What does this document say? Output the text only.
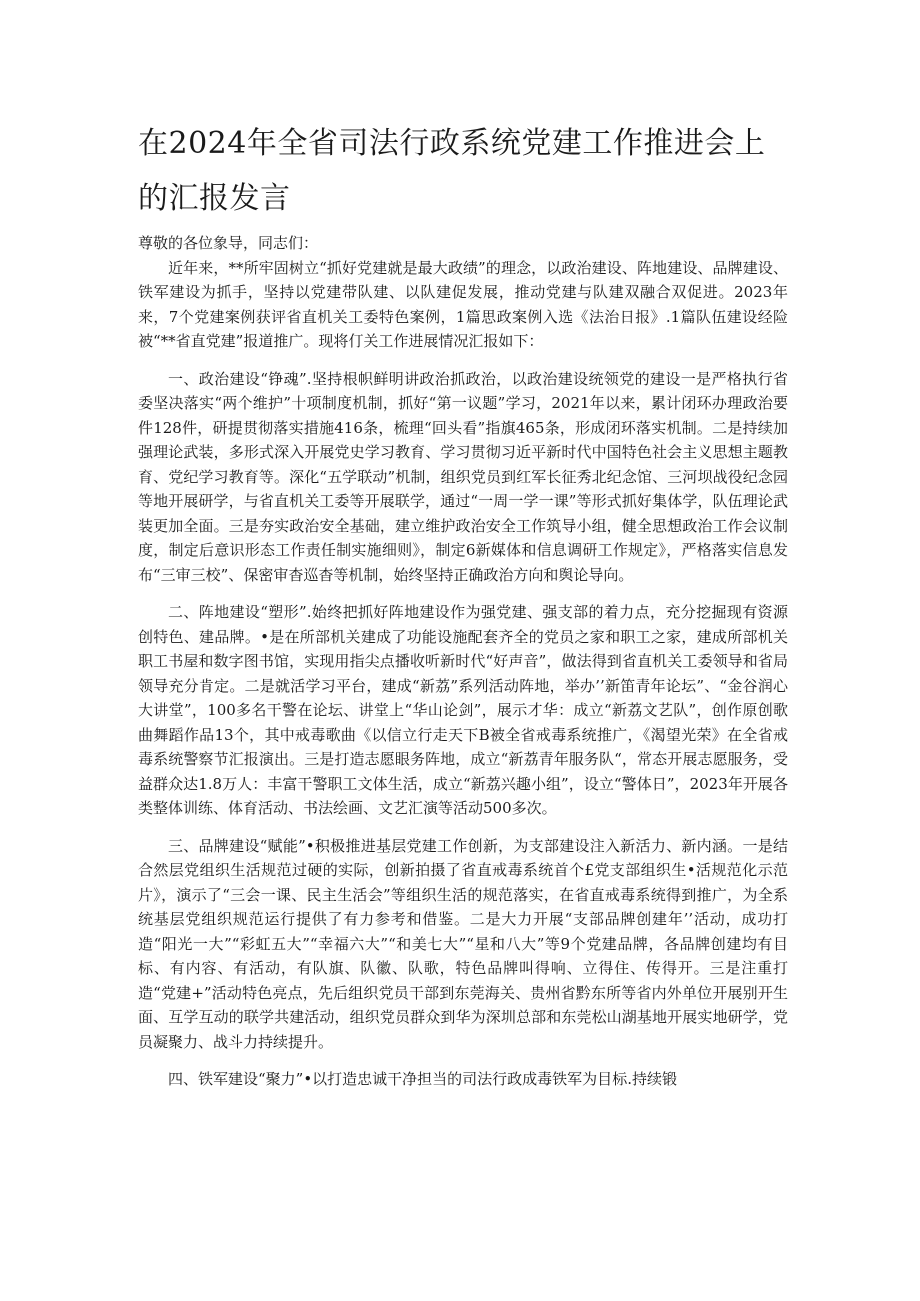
在2024年全省司法行政系统党建工作推进会上的汇报发言

尊敬的各位象导，同志们：

近年来，**所牢固树立“抓好党建就是最大政绩”的理念，以政治建设、阵地建设、品牌建设、铁军建设为抓手，坚持以党建带队建、以队建促发展，推动党建与队建双融合双促进。2023年来，7个党建案例获评省直机关工委特色案例，1篇思政案例入选《法治日报》.1篇队伍建设经险被“**省直党建”报道推广。现将仃关工作进展情况汇报如下：

一、政治建设“铮魂”.坚持根帜鲜明讲政治抓政治，以政治建设统领党的建设一是严格执行省委坚决落实“两个维护”十项制度机制，抓好“第一议题”学习，2021年以来，累计闭环办理政治要件128件，研提贯彻落实措施416条，梳理“回头看”指旗465条，形成闭环落实机制。二是持续加强理论武装，多形式深入开展党史学习教育、学习贯彻习近平新时代中国特色社会主义思想主题教育、党纪学习教育等。深化“五学联动”机制，组织党员到红军长征秀北纪念馆、三河坝战役纪念园等地开展研学，与省直机关工委等开展联学，通过“一周一学一课”等形式抓好集体学，队伍理论武装更加全面。三是夯实政治安全基础，建立维护政治安全工作筑导小组，健全思想政治工作会议制度，制定后意识形态工作责任制实施细则》，制定6新媒体和信息调研工作规定》，严格落实信息发布“三审三校”、保密审杳巡杳等机制，始终坚持正确政治方向和舆论导向。

二、阵地建设“塑形”.始终把抓好阵地建设作为强党建、强支部的着力点，充分挖掘现有资源创特色、建品牌。•是在所部机关建成了功能设施配套齐全的党员之家和职工之家，建成所部机关职工书屋和数字图书馆，实现用指尖点播收听新时代“好声音”，做法得到省直机关工委领导和省局领导充分肯定。二是就活学习平台，建成“新荔”系列活动阵地，举办’’新笛青年论坛”、“金谷润心大讲堂”，100多名干警在论坛、讲堂上“华山论剑”，展示才华：成立“新荔文艺队”，创作原创歌曲舞蹈作品13个，其中戒毒歌曲《以信立行走天下B被全省戒毒系统推广，《渴望光荣》在全省戒毒系统警察节汇报演出。三是打造志愿眼务阵地，成立“新荔青年服务队“，常态开展志愿服务，受益群众达1.8万人：丰富干警职工文体生活，成立“新荔兴趣小组”，设立“警体日”，2023年开展各类整体训练、体育活动、书法绘画、文艺汇演等活动500多次。

三、品牌建设“赋能”•积极推进基层党建工作创新，为支部建设注入新活力、新内涵。一是结合然层党组织生活规范过硬的实际，创新拍摄了省直戒毒系统首个£党支部组织生•活规范化示范片》，演示了“三会一课、民主生活会”等组织生活的规范落实，在省直戒毒系统得到推广，为全系统基层党组织规范运行提供了有力参考和借鉴。二是大力开展“支部品牌创建年’’活动，成功打造“阳光一大”“彩虹五大”“幸福六大”“和美七大”“星和八大”等9个党建品牌，各品牌创建均有目标、有内容、有活动，有队旗、队徽、队歌，特色品牌叫得响、立得住、传得开。三是注重打造“党建+”活动特色亮点，先后组织党员干部到东莞海关、贵州省黔东所等省内外单位开展别开生面、互学互动的联学共建活动，组织党员群众到华为深圳总部和东莞松山湖基地开展实地研学，党员凝聚力、战斗力持续提升。

四、铁军建设“聚力”•以打造忠诚干净担当的司法行政成毒铁军为目标.持续锻
